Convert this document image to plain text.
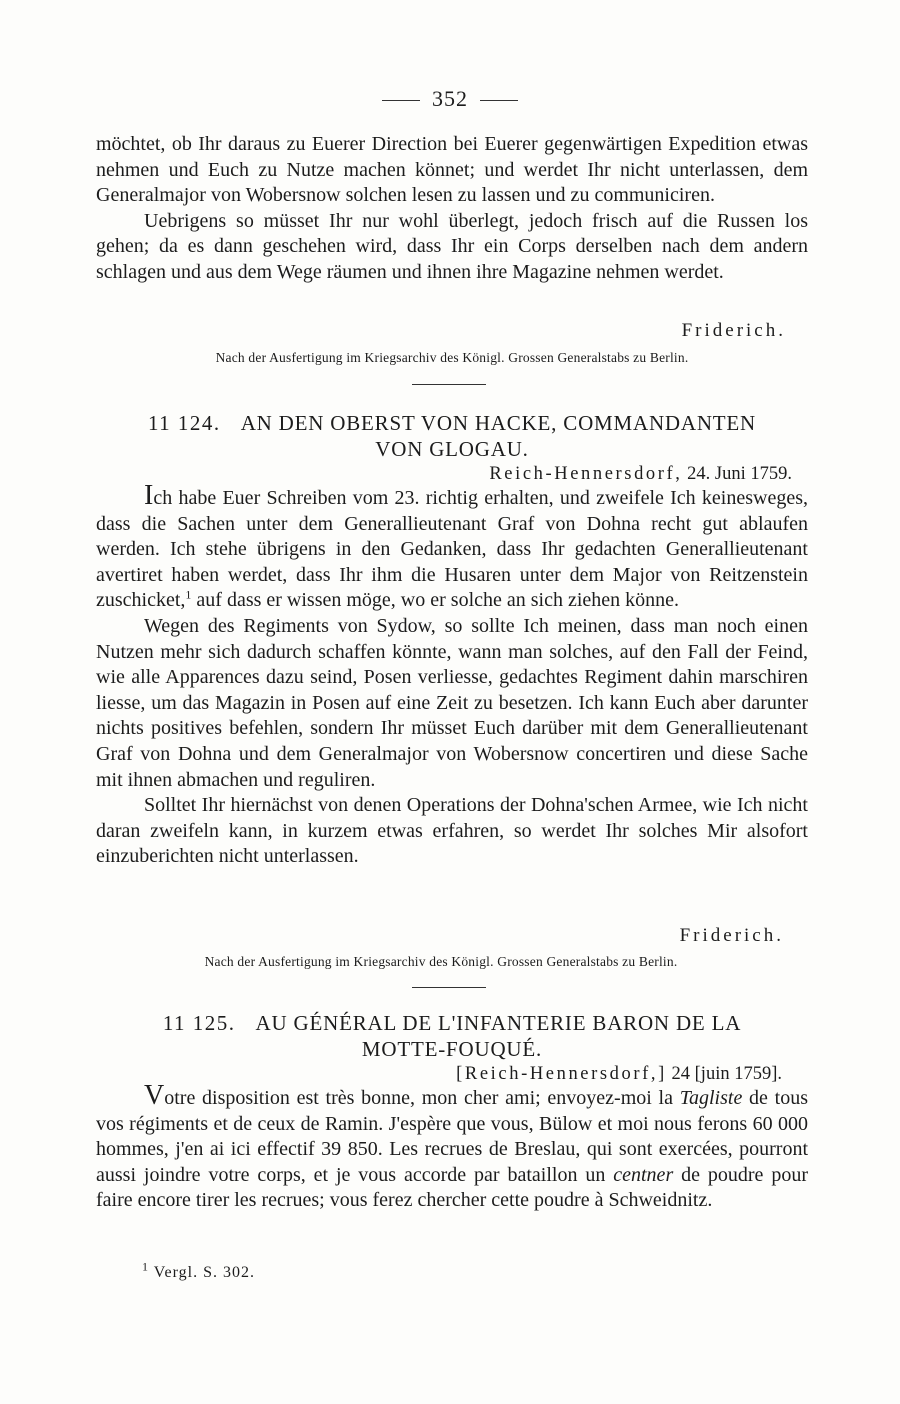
352

möchtet, ob Ihr daraus zu Euerer Direction bei Euerer gegenwärtigen Expedition etwas nehmen und Euch zu Nutze machen könnet; und werdet Ihr nicht unterlassen, dem Generalmajor von Wobersnow solchen lesen zu lassen und zu communiciren.

Uebrigens so müsset Ihr nur wohl überlegt, jedoch frisch auf die Russen los gehen; da es dann geschehen wird, dass Ihr ein Corps derselben nach dem andern schlagen und aus dem Wege räumen und ihnen ihre Magazine nehmen werdet.

Friderich.

Nach der Ausfertigung im Kriegsarchiv des Königl. Grossen Generalstabs zu Berlin.

11 124. AN DEN OBERST VON HACKE, COMMANDANTEN
VON GLOGAU.

Reich-Hennersdorf, 24. Juni 1759.

Ich habe Euer Schreiben vom 23. richtig erhalten, und zweifele Ich keinesweges, dass die Sachen unter dem Generallieutenant Graf von Dohna recht gut ablaufen werden. Ich stehe übrigens in den Gedanken, dass Ihr gedachten Generallieutenant avertiret haben werdet, dass Ihr ihm die Husaren unter dem Major von Reitzenstein zuschicket,$^1$ auf dass er wissen möge, wo er solche an sich ziehen könne.

Wegen des Regiments von Sydow, so sollte Ich meinen, dass man noch einen Nutzen mehr sich dadurch schaffen könnte, wann man solches, auf den Fall der Feind, wie alle Apparences dazu seind, Posen verliesse, gedachtes Regiment dahin marschiren liesse, um das Magazin in Posen auf eine Zeit zu besetzen. Ich kann Euch aber darunter nichts positives befehlen, sondern Ihr müsset Euch darüber mit dem Generallieutenant Graf von Dohna und dem Generalmajor von Wobersnow concertiren und diese Sache mit ihnen abmachen und reguliren.

Solltet Ihr hiernächst von denen Operations der Dohna'schen Armee, wie Ich nicht daran zweifeln kann, in kurzem etwas erfahren, so werdet Ihr solches Mir alsofort einzuberichten nicht unterlassen.

Friderich.

Nach der Ausfertigung im Kriegsarchiv des Königl. Grossen Generalstabs zu Berlin.

11 125. AU GÉNÉRAL DE L'INFANTERIE BARON DE LA
MOTTE-FOUQUÉ.

[Reich-Hennersdorf,] 24 [juin 1759].

Votre disposition est très bonne, mon cher ami; envoyez-moi la Tagliste de tous vos régiments et de ceux de Ramin. J'espère que vous, Bülow et moi nous ferons 60 000 hommes, j'en ai ici effectif 39 850. Les recrues de Breslau, qui sont exercées, pourront aussi joindre votre corps, et je vous accorde par bataillon un centner de poudre pour faire encore tirer les recrues; vous ferez chercher cette poudre à Schweidnitz.

$^1$ Vergl. S. 302.
